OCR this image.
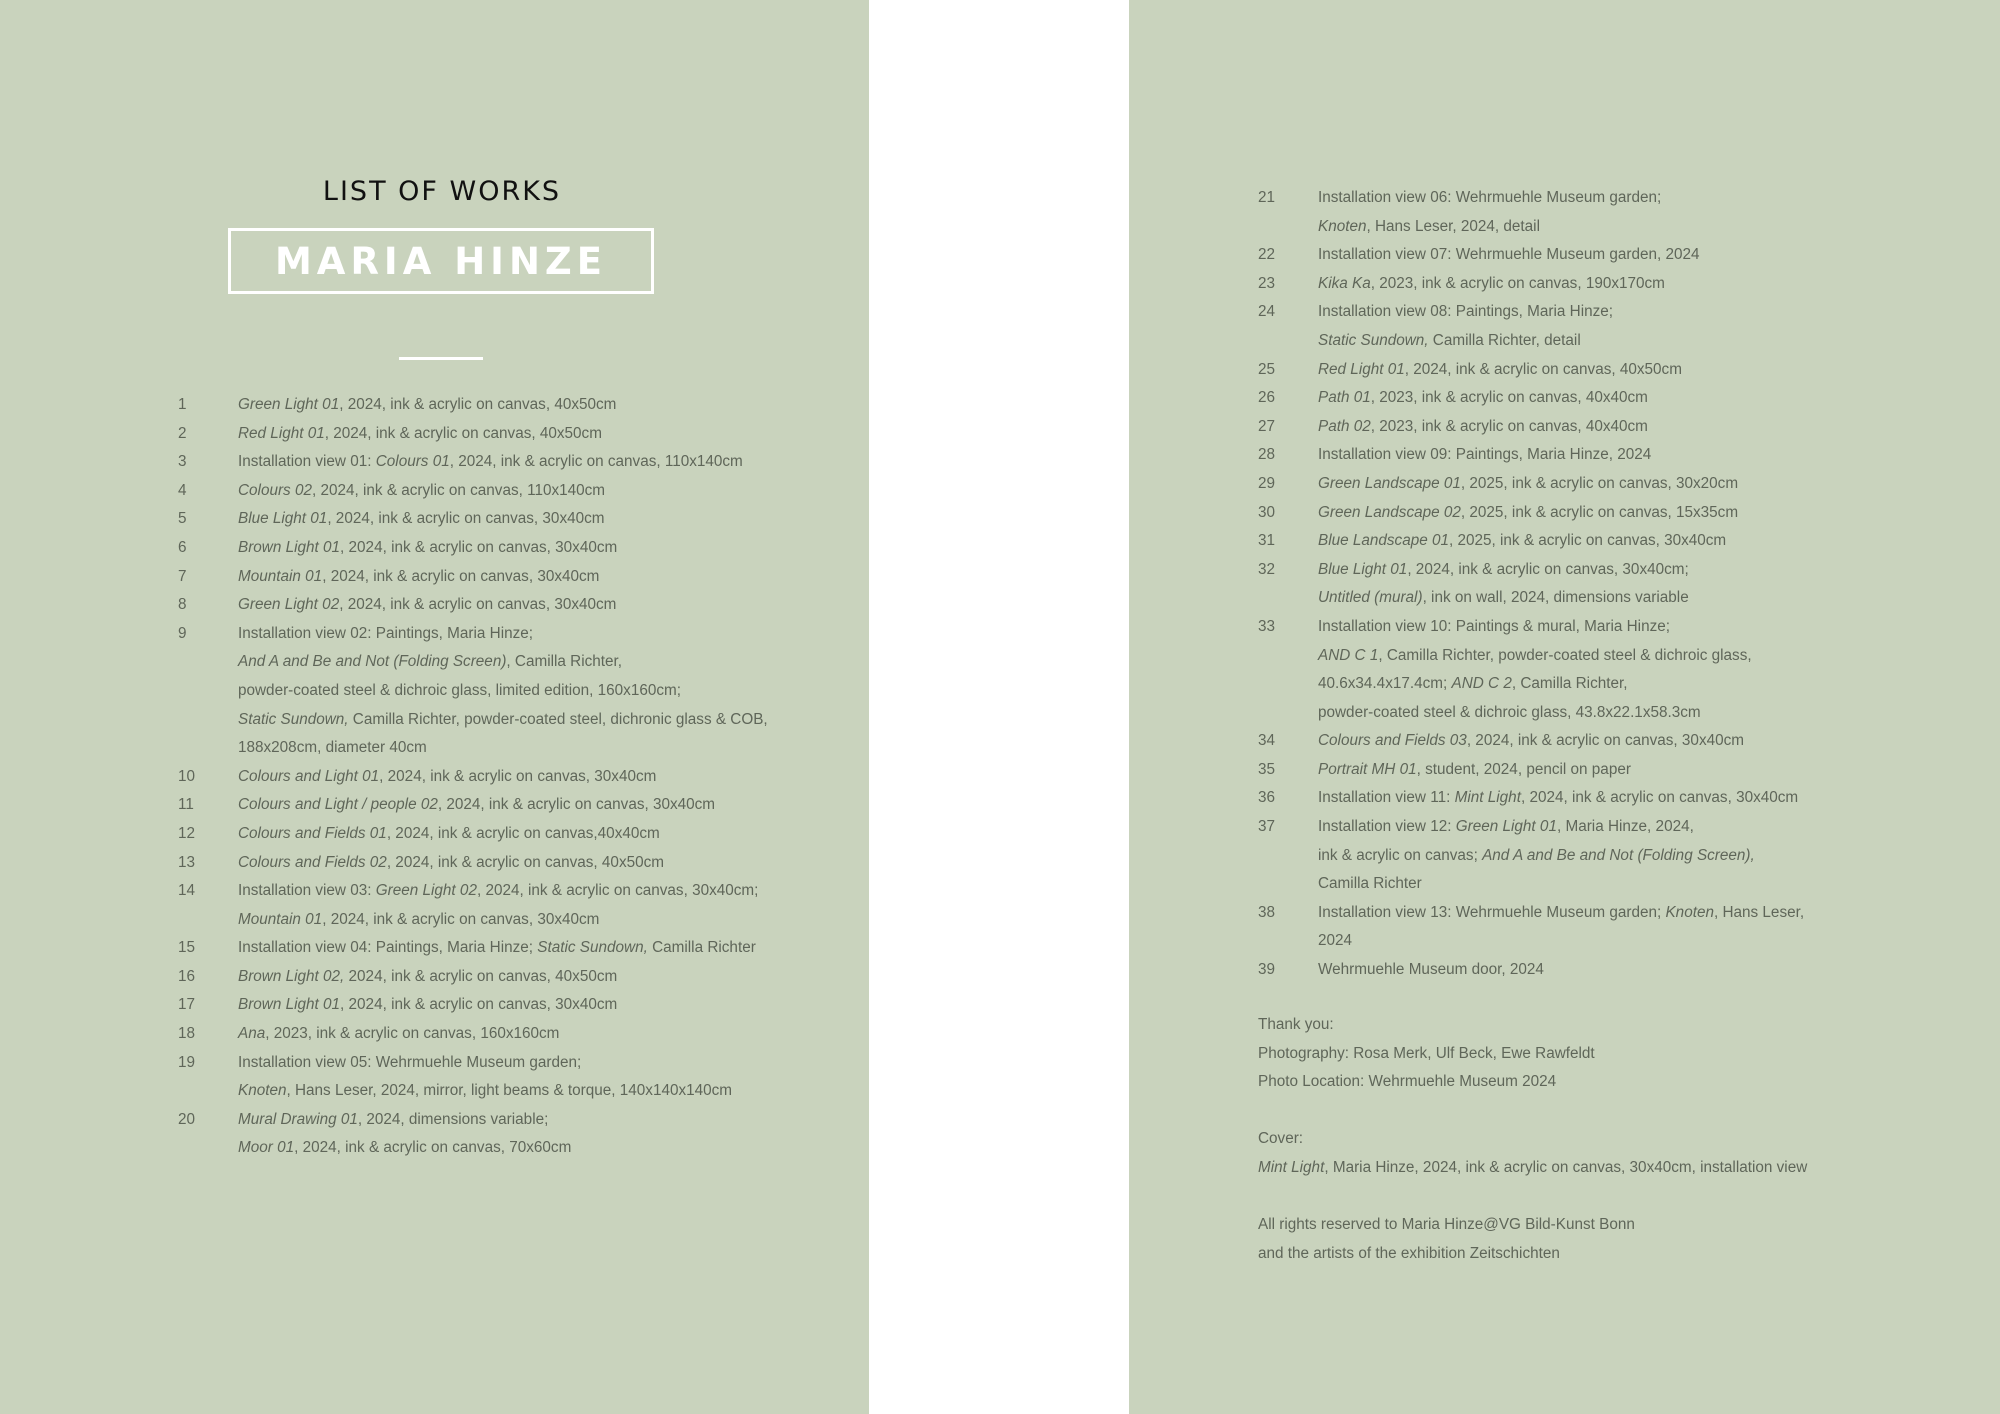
LIST OF WORKS
MARIA HINZE
1	Green Light 01, 2024, ink & acrylic on canvas, 40x50cm
2	Red Light 01, 2024, ink & acrylic on canvas, 40x50cm
3	Installation view 01: Colours 01, 2024, ink & acrylic on canvas, 110x140cm
4	Colours 02, 2024, ink & acrylic on canvas, 110x140cm
5	Blue Light 01, 2024, ink & acrylic on canvas, 30x40cm
6	Brown Light 01, 2024, ink & acrylic on canvas, 30x40cm
7	Mountain 01, 2024, ink & acrylic on canvas, 30x40cm
8	Green Light 02, 2024, ink & acrylic on canvas, 30x40cm
9	Installation view 02: Paintings, Maria Hinze;
And A and Be and Not (Folding Screen), Camilla Richter,
powder-coated steel & dichroic glass, limited edition, 160x160cm;
Static Sundown, Camilla Richter, powder-coated steel, dichronic glass & COB,
188x208cm, diameter 40cm
10	Colours and Light 01, 2024, ink & acrylic on canvas, 30x40cm
11	Colours and Light / people 02, 2024, ink & acrylic on canvas, 30x40cm
12	Colours and Fields 01, 2024, ink & acrylic on canvas,40x40cm
13	Colours and Fields 02, 2024, ink & acrylic on canvas, 40x50cm
14	Installation view 03: Green Light 02, 2024, ink & acrylic on canvas, 30x40cm;
Mountain 01, 2024, ink & acrylic on canvas, 30x40cm
15	Installation view 04: Paintings, Maria Hinze; Static Sundown, Camilla Richter
16	Brown Light 02, 2024, ink & acrylic on canvas, 40x50cm
17	Brown Light 01, 2024, ink & acrylic on canvas, 30x40cm
18	Ana, 2023, ink & acrylic on canvas, 160x160cm
19	Installation view 05: Wehrmuehle Museum garden;
Knoten, Hans Leser, 2024, mirror, light beams & torque, 140x140x140cm
20	Mural Drawing 01, 2024, dimensions variable;
Moor 01, 2024, ink & acrylic on canvas, 70x60cm
21	Installation view 06: Wehrmuehle Museum garden;
Knoten, Hans Leser, 2024, detail
22	Installation view 07: Wehrmuehle Museum garden, 2024
23	Kika Ka, 2023, ink & acrylic on canvas, 190x170cm
24	Installation view 08: Paintings, Maria Hinze;
Static Sundown, Camilla Richter, detail
25	Red Light 01, 2024, ink & acrylic on canvas, 40x50cm
26	Path 01, 2023, ink & acrylic on canvas, 40x40cm
27	Path 02, 2023, ink & acrylic on canvas, 40x40cm
28	Installation view 09: Paintings, Maria Hinze, 2024
29	Green Landscape 01, 2025, ink & acrylic on canvas, 30x20cm
30	Green Landscape 02, 2025, ink & acrylic on canvas, 15x35cm
31	Blue Landscape 01, 2025, ink & acrylic on canvas, 30x40cm
32	Blue Light 01, 2024, ink & acrylic on canvas, 30x40cm;
Untitled (mural), ink on wall, 2024, dimensions variable
33	Installation view 10: Paintings & mural, Maria Hinze;
AND C 1, Camilla Richter, powder-coated steel & dichroic glass,
40.6x34.4x17.4cm; AND C 2, Camilla Richter,
powder-coated steel & dichroic glass, 43.8x22.1x58.3cm
34	Colours and Fields 03, 2024, ink & acrylic on canvas, 30x40cm
35	Portrait MH 01, student, 2024, pencil on paper
36	Installation view 11: Mint Light, 2024, ink & acrylic on canvas, 30x40cm
37	Installation view 12: Green Light 01, Maria Hinze, 2024,
ink & acrylic on canvas; And A and Be and Not (Folding Screen),
Camilla Richter
38	Installation view 13: Wehrmuehle Museum garden; Knoten, Hans Leser,
2024
39	Wehrmuehle Museum door, 2024
Thank you:
Photography: Rosa Merk, Ulf Beck, Ewe Rawfeldt
Photo Location: Wehrmuehle Museum 2024
Cover:
Mint Light, Maria Hinze, 2024, ink & acrylic on canvas, 30x40cm, installation view
All rights reserved to Maria Hinze@VG Bild-Kunst Bonn
and the artists of the exhibition Zeitschichten
